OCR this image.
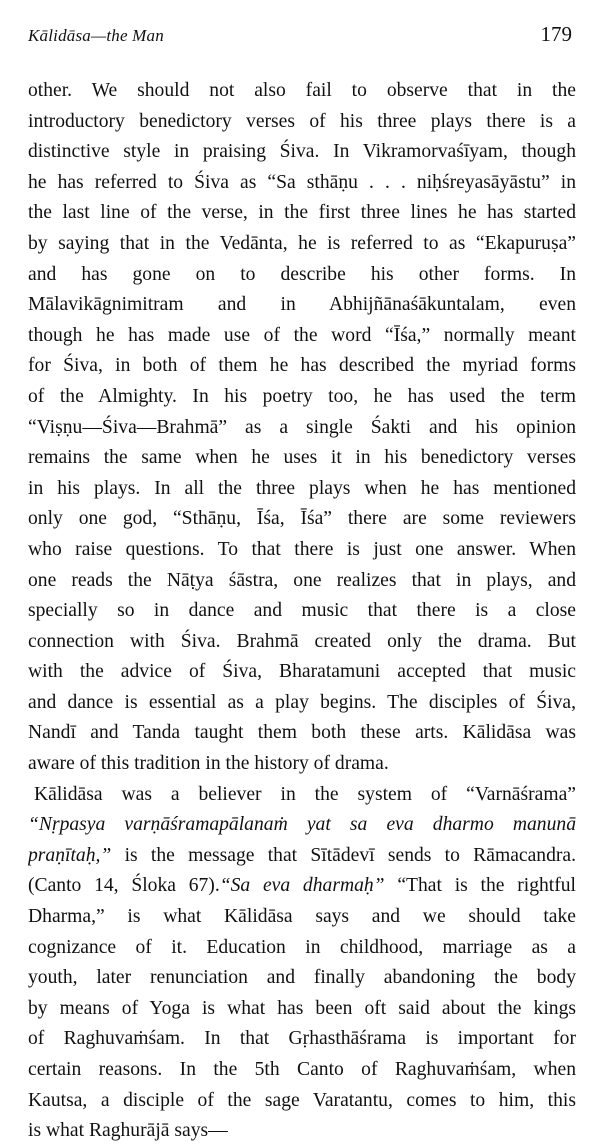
Kālidāsa—the Man	179
other. We should not also fail to observe that in the
introductory benedictory verses of his three plays there is a
distinctive style in praising Śiva. In Vikramorvaśīyam, though
he has referred to Śiva as “Sa sthāṇu . . . niḥśreyasāyāstu” in
the last line of the verse, in the first three lines he has started
by saying that in the Vedānta, he is referred to as “Ekapuruṣa”
and has gone on to describe his other forms. In
Mālavikāgnimitram and in Abhijñānaśākuntalam, even
though he has made use of the word “Īśa,” normally meant
for Śiva, in both of them he has described the myriad forms
of the Almighty. In his poetry too, he has used the term
“Viṣṇu—Śiva—Brahmā” as a single Śakti and his opinion
remains the same when he uses it in his benedictory verses
in his plays. In all the three plays when he has mentioned
only one god, “Sthāṇu, Īśa, Īśa” there are some reviewers
who raise questions. To that there is just one answer. When
one reads the Nāṭya śāstra, one realizes that in plays, and
specially so in dance and music that there is a close
connection with Śiva. Brahmā created only the drama. But
with the advice of Śiva, Bharatamuni accepted that music
and dance is essential as a play begins. The disciples of Śiva,
Nandī and Tanda taught them both these arts. Kālidāsa was
aware of this tradition in the history of drama.
Kālidāsa was a believer in the system of “Varnāśrama”
“Nṛpasya varṇāśramapālanaṁ yat sa eva dharmo manunā
praṇītaḥ,” is the message that Sītādevī sends to Rāmacandra.
(Canto 14, Śloka 67).“Sa eva dharmaḥ” “That is the rightful
Dharma,” is what Kālidāsa says and we should take
cognizance of it. Education in childhood, marriage as a
youth, later renunciation and finally abandoning the body
by means of Yoga is what has been oft said about the kings
of Raghuvaṁśam. In that Gṛhasthāśrama is important for
certain reasons. In the 5th Canto of Raghuvaṁśam, when
Kautsa, a disciple of the sage Varatantu, comes to him, this
is what Raghurājā says—
